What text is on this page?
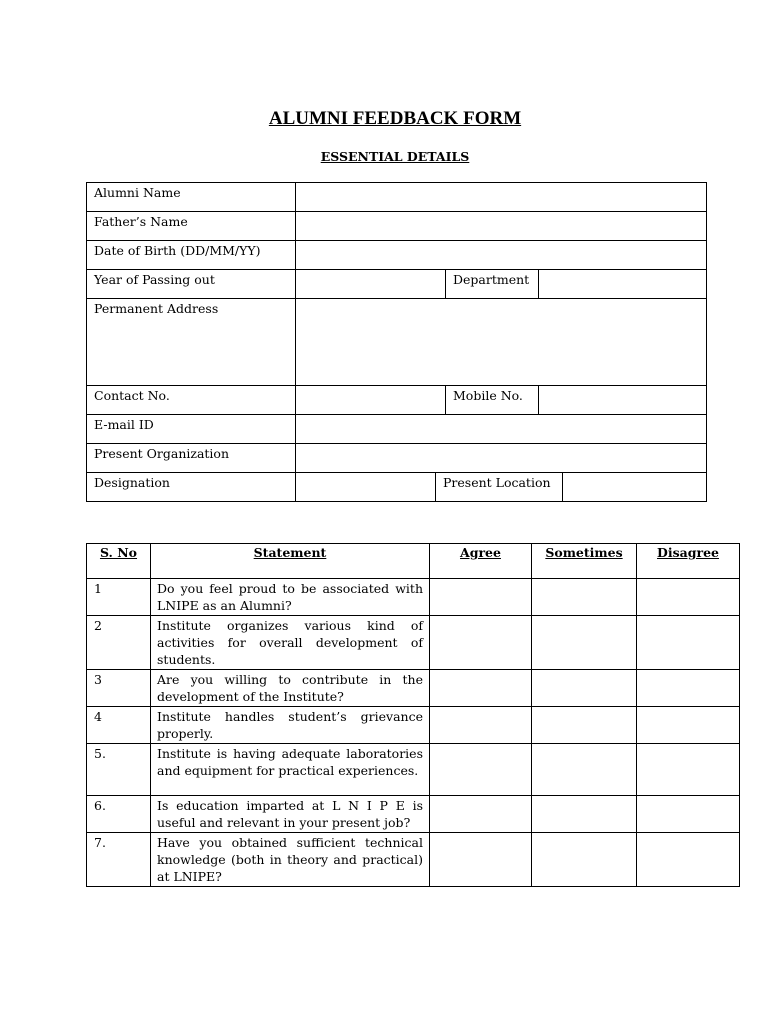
ALUMNI FEEDBACK FORM
ESSENTIAL DETAILS
Alumni Name					
Father’s Name					
Date of Birth (DD/MM/YY)					
Year of Passing out			Department		
Permanent Address					
Contact No.			Mobile No.		
E-mail ID					
Present Organization					
Designation		Present Location			
S. No	Statement	Agree	Sometimes	Disagree
1	Do you feel proud to be associated with LNIPE as an Alumni?			
2	Institute organizes various kind of activities for overall development of students.			
3	Are you willing to contribute in the development of the Institute?			
4	Institute handles student’s grievance properly.			
5.	Institute is having adequate laboratories and equipment for practical experiences.			
6.	Is education imparted at L N I P E is useful and relevant in your present job?			
7.	Have you obtained sufficient technical knowledge (both in theory and practical) at LNIPE?			
